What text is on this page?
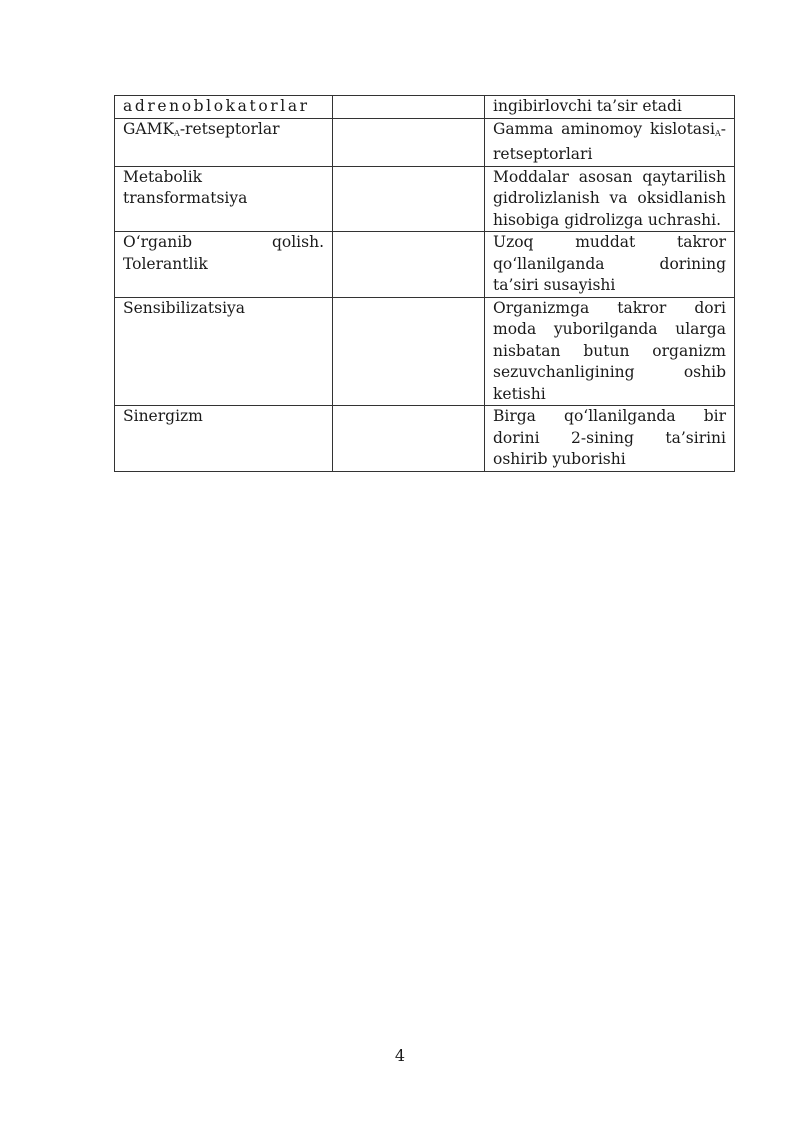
adrenoblokatorlar		ingibirlovchi ta’sir etadi
GAMKA-retseptorlar		Gamma aminomoy kislotasiA-retseptorlari
Metabolik transformatsiya		Moddalar asosan qaytarilish gidrolizlanish va oksidlanish hisobiga gidrolizga uchrashi.
O‘rganib qolish. Tolerantlik		Uzoq muddat takror qo‘llanilganda dorining ta’siri susayishi
Sensibilizatsiya		Organizmga takror dori moda yuborilganda ularga nisbatan butun organizm sezuvchanligining oshib ketishi
Sinergizm		Birga qo‘llanilganda bir dorini 2-sining ta’sirini oshirib yuborishi
4
